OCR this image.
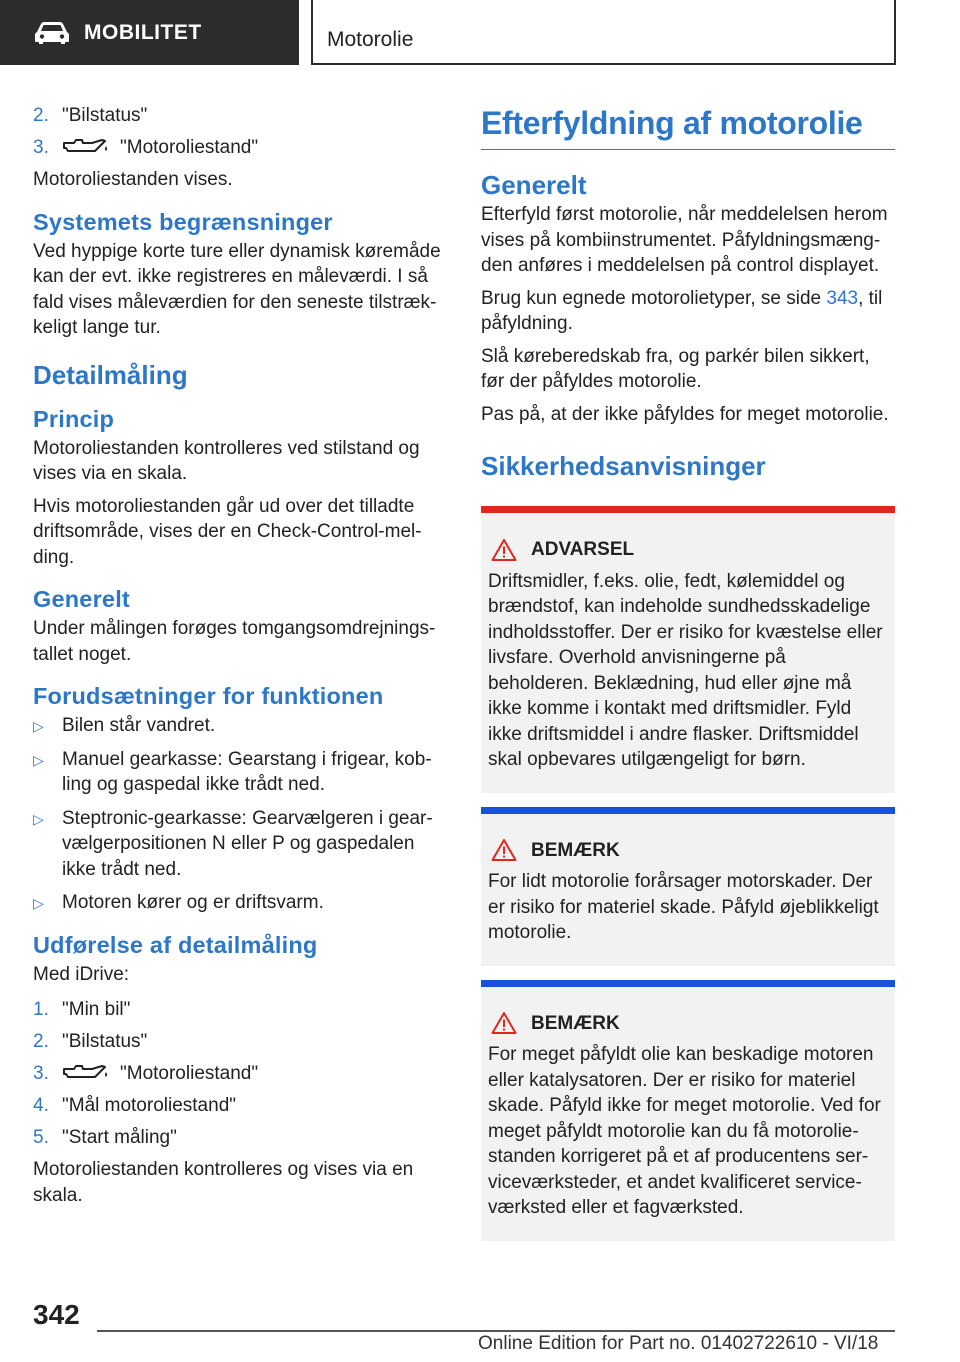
MOBILITET	Motorolie
2. "Bilstatus"
3.	"Motoroliestand"

Motoroliestanden vises.

Systemets begrænsninger

Ved hyppige korte ture eller dynamisk køremåde kan der evt. ikke registreres en måleværdi. I så fald vises måleværdien for den seneste tilstrækkeligt lange tur.

Detailmåling
Princip

Motoroliestanden kontrolleres ved stilstand og vises via en skala.

Hvis motoroliestanden går ud over det tilladte driftsområde, vises der en Check-Control-melding.

Generelt

Under målingen forøges tomgangsomdrejningstallet noget.

Forudsætninger for funktionen
▷ Bilen står vandret.
▷ Manuel gearkasse: Gearstang i frigear, kobling og gaspedal ikke trådt ned.
▷ Steptronic-gearkasse: Gearvælgeren i gearvælgerpositionen N eller P og gaspedalen ikke trådt ned.
▷ Motoren kører og er driftsvarm.
Udførelse af detailmåling

Med iDrive:

1. "Min bil"
2. "Bilstatus"
3.	"Motoroliestand"
4. "Mål motoroliestand"
5. "Start måling"

Motoroliestanden kontrolleres og vises via en skala.

Efterfyldning af motorolie
Generelt

Efterfyld først motorolie, når meddelelsen herom vises på kombiinstrumentet. Påfyldningsmængden anføres i meddelelsen på control displayet.

Brug kun egnede motorolietyper, se side 343, til påfyldning.

Slå køreberedskab fra, og parkér bilen sikkert, før der påfyldes motorolie.

Pas på, at der ikke påfyldes for meget motorolie.

Sikkerhedsanvisninger
ADVARSEL

Driftsmidler, f.eks. olie, fedt, kølemiddel og brændstof, kan indeholde sundhedsskadelige indholdsstoffer. Der er risiko for kvæstelse eller livsfare. Overhold anvisningerne på beholderen. Beklædning, hud eller øjne må ikke komme i kontakt med driftsmidler. Fyld ikke driftsmiddel i andre flasker. Driftsmiddel skal opbevares utilgængeligt for børn.

BEMÆRK

For lidt motorolie forårsager motorskader. Der er risiko for materiel skade. Påfyld øjeblikkeligt motorolie.

BEMÆRK

For meget påfyldt olie kan beskadige motoren eller katalysatoren. Der er risiko for materiel skade. Påfyld ikke for meget motorolie. Ved for meget påfyldt motorolie kan du få motoroliestanden korrigeret på et af producentens serviceværksteder, et andet kvalificeret serviceværksted eller et fagværksted.

342
Online Edition for Part no. 01402722610 - VI/18
